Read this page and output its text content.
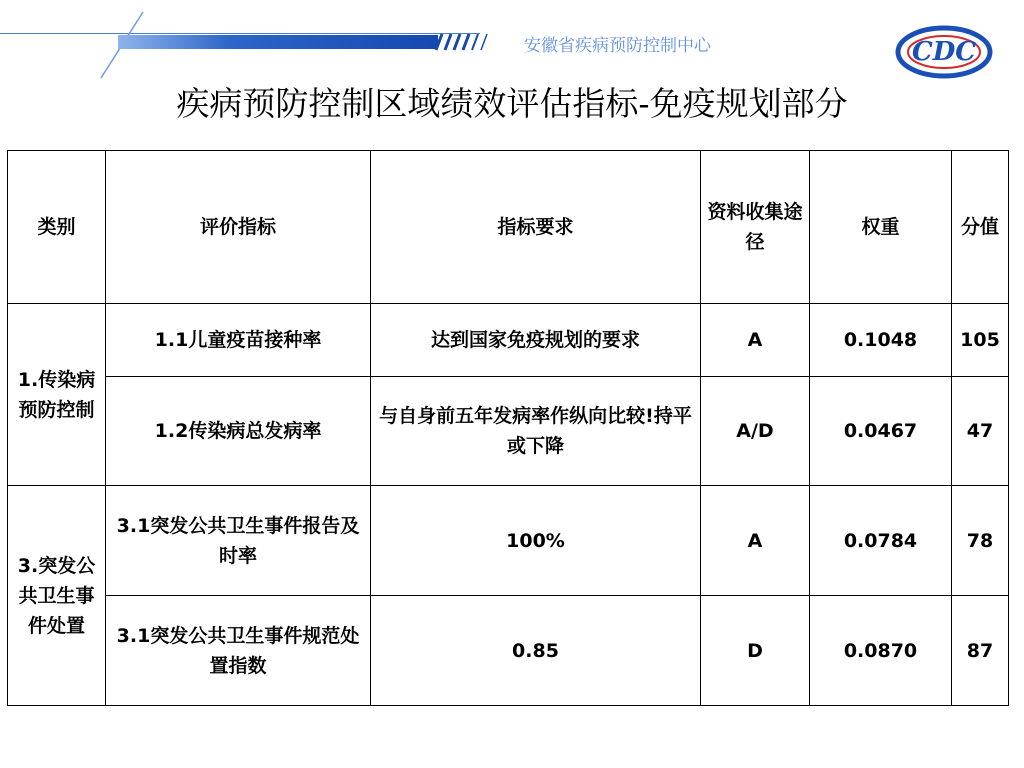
安徽省疾病预防控制中心	CDC
疾病预防控制区域绩效评估指标-免疫规划部分
类别	评价指标	指标要求	资料收集途径	权重	分值
1.传染病预防控制	1.1儿童疫苗接种率	达到国家免疫规划的要求	A	0.1048	105
	1.2传染病总发病率	与自身前五年发病率作纵向比较!持平或下降	A/D	0.0467	47
3.突发公共卫生事件处置	3.1突发公共卫生事件报告及时率	100%	A	0.0784	78
	3.1突发公共卫生事件规范处置指数	0.85	D	0.0870	87
